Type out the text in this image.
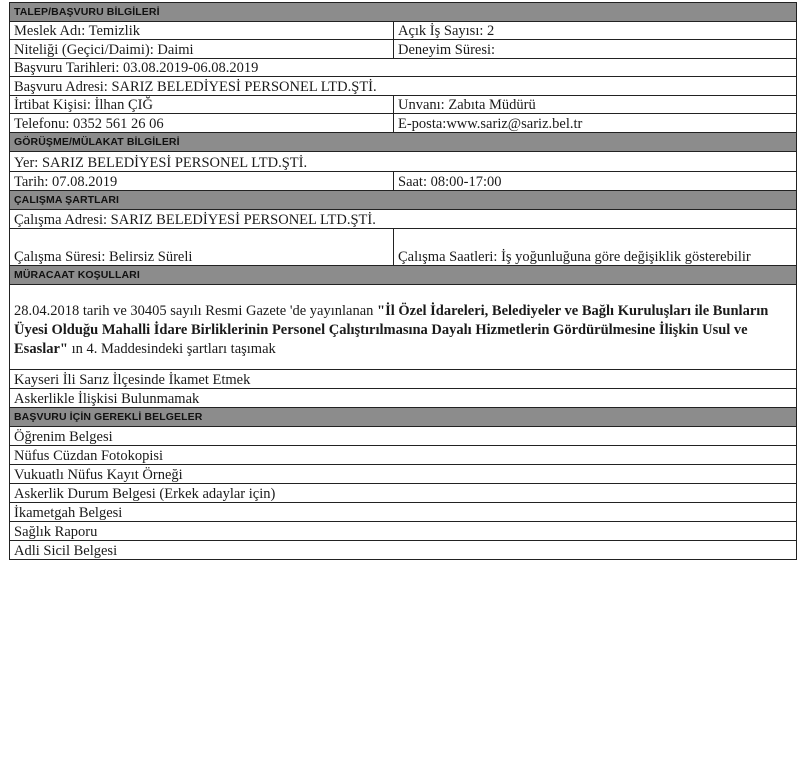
TALEP/BAŞVURU BİLGİLERİ
Meslek Adı: Temizlik	Açık İş Sayısı: 2
Niteliği (Geçici/Daimi): Daimi	Deneyim Süresi:
Başvuru Tarihleri: 03.08.2019-06.08.2019
Başvuru Adresi: SARIZ BELEDİYESİ PERSONEL LTD.ŞTİ.
İrtibat Kişisi: İlhan ÇIĞ	Unvanı: Zabıta Müdürü
Telefonu: 0352 561 26 06	E-posta:www.sariz@sariz.bel.tr
GÖRÜŞME/MÜLAKAT BİLGİLERİ
Yer: SARIZ BELEDİYESİ PERSONEL LTD.ŞTİ.
Tarih: 07.08.2019	Saat: 08:00-17:00
ÇALIŞMA ŞARTLARI
Çalışma Adresi: SARIZ BELEDİYESİ PERSONEL LTD.ŞTİ.
Çalışma Süresi: Belirsiz Süreli	Çalışma Saatleri: İş yoğunluğuna göre değişiklik gösterebilir
MÜRACAAT KOŞULLARI
28.04.2018 tarih ve 30405 sayılı Resmi Gazete 'de yayınlanan "İl Özel İdareleri, Belediyeler ve Bağlı Kuruluşları ile Bunların Üyesi Olduğu Mahalli İdare Birliklerinin Personel Çalıştırılmasına Dayalı Hizmetlerin Gördürülmesine İlişkin Usul ve Esaslar" ın 4. Maddesindeki şartları taşımak
Kayseri İli Sarız İlçesinde İkamet Etmek
Askerlikle İlişkisi Bulunmamak
BAŞVURU İÇİN GEREKLİ BELGELER
Öğrenim Belgesi
Nüfus Cüzdan Fotokopisi
Vukuatlı Nüfus Kayıt Örneği
Askerlik Durum Belgesi (Erkek adaylar için)
İkametgah Belgesi
Sağlık Raporu
Adli Sicil Belgesi
